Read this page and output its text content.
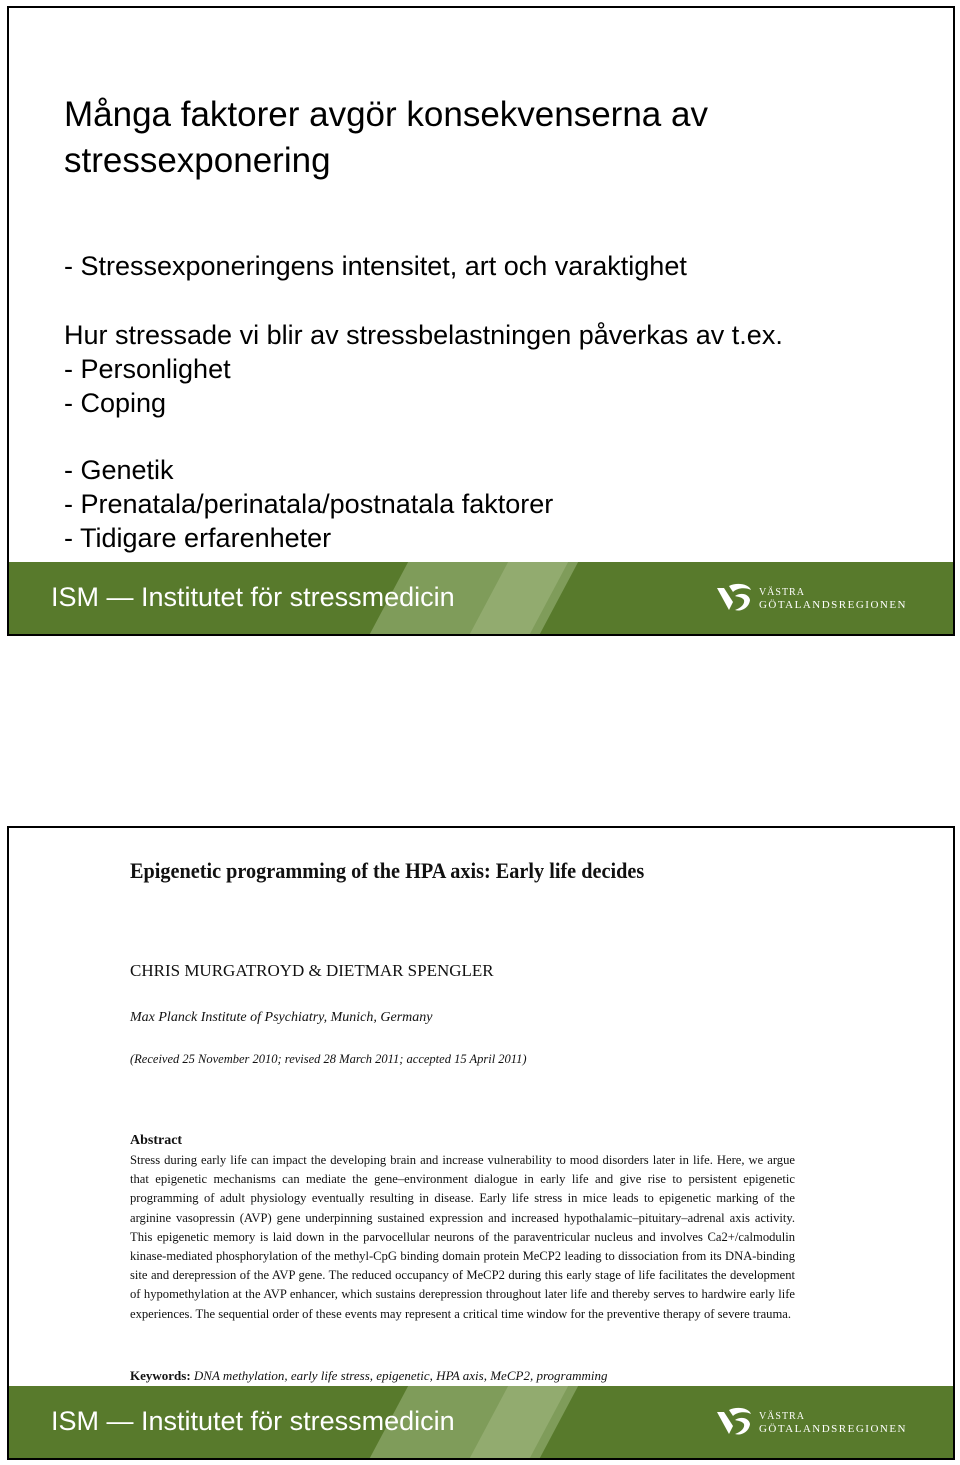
Många faktorer avgör konsekvenserna av
stressexponering
- Stressexponeringens intensitet, art och varaktighet
Hur stressade vi blir av stressbelastningen påverkas av t.ex.
- Personlighet
- Coping
- Genetik
- Prenatala/perinatala/postnatala faktorer
- Tidigare erfarenheter
ISM — Institutet för stressmedicin	VÄSTRA
GÖTALANDSREGIONEN
Epigenetic programming of the HPA axis: Early life decides
CHRIS MURGATROYD & DIETMAR SPENGLER
Max Planck Institute of Psychiatry, Munich, Germany
(Received 25 November 2010; revised 28 March 2011; accepted 15 April 2011)
Abstract

Stress during early life can impact the developing brain and increase vulnerability to mood disorders later in life. Here, we argue that epigenetic mechanisms can mediate the gene–environment dialogue in early life and give rise to persistent epigenetic programming of adult physiology eventually resulting in disease. Early life stress in mice leads to epigenetic marking of the arginine vasopressin (AVP) gene underpinning sustained expression and increased hypothalamic–pituitary–adrenal axis activity. This epigenetic memory is laid down in the parvocellular neurons of the paraventricular nucleus and involves Ca2+/calmodulin kinase-mediated phosphorylation of the methyl-CpG binding domain protein MeCP2 leading to dissociation from its DNA-binding site and derepression of the AVP gene. The reduced occupancy of MeCP2 during this early stage of life facilitates the development of hypomethylation at the AVP enhancer, which sustains derepression throughout later life and thereby serves to hardwire early life experiences. The sequential order of these events may represent a critical time window for the preventive therapy of severe trauma.

Keywords: DNA methylation, early life stress, epigenetic, HPA axis, MeCP2, programming
ISM — Institutet för stressmedicin	VÄSTRA
GÖTALANDSREGIONEN
